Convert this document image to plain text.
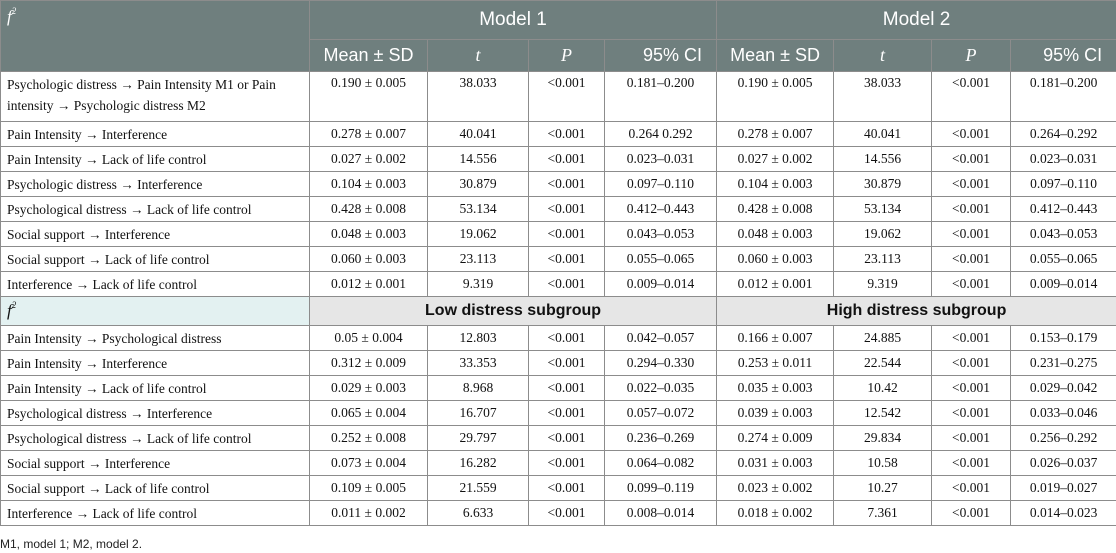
$f^2$	Model 1				Model 2			
	Mean ± SD	t	P	95% CI	Mean ± SD	t	P	95% CI
Psychologic distress → Pain Intensity M1 or Pain intensity → Psychologic distress M2	0.190 ± 0.005	38.033	<0.001	0.181–0.200	0.190 ± 0.005	38.033	<0.001	0.181–0.200
Pain Intensity → Interference	0.278 ± 0.007	40.041	<0.001	0.264 0.292	0.278 ± 0.007	40.041	<0.001	0.264–0.292
Pain Intensity → Lack of life control	0.027 ± 0.002	14.556	<0.001	0.023–0.031	0.027 ± 0.002	14.556	<0.001	0.023–0.031
Psychologic distress → Interference	0.104 ± 0.003	30.879	<0.001	0.097–0.110	0.104 ± 0.003	30.879	<0.001	0.097–0.110
Psychological distress → Lack of life control	0.428 ± 0.008	53.134	<0.001	0.412–0.443	0.428 ± 0.008	53.134	<0.001	0.412–0.443
Social support → Interference	0.048 ± 0.003	19.062	<0.001	0.043–0.053	0.048 ± 0.003	19.062	<0.001	0.043–0.053
Social support → Lack of life control	0.060 ± 0.003	23.113	<0.001	0.055–0.065	0.060 ± 0.003	23.113	<0.001	0.055–0.065
Interference → Lack of life control	0.012 ± 0.001	9.319	<0.001	0.009–0.014	0.012 ± 0.001	9.319	<0.001	0.009–0.014
$f^2$	Low distress subgroup				High distress subgroup			
Pain Intensity → Psychological distress	0.05 ± 0.004	12.803	<0.001	0.042–0.057	0.166 ± 0.007	24.885	<0.001	0.153–0.179
Pain Intensity → Interference	0.312 ± 0.009	33.353	<0.001	0.294–0.330	0.253 ± 0.011	22.544	<0.001	0.231–0.275
Pain Intensity → Lack of life control	0.029 ± 0.003	8.968	<0.001	0.022–0.035	0.035 ± 0.003	10.42	<0.001	0.029–0.042
Psychological distress → Interference	0.065 ± 0.004	16.707	<0.001	0.057–0.072	0.039 ± 0.003	12.542	<0.001	0.033–0.046
Psychological distress → Lack of life control	0.252 ± 0.008	29.797	<0.001	0.236–0.269	0.274 ± 0.009	29.834	<0.001	0.256–0.292
Social support → Interference	0.073 ± 0.004	16.282	<0.001	0.064–0.082	0.031 ± 0.003	10.58	<0.001	0.026–0.037
Social support → Lack of life control	0.109 ± 0.005	21.559	<0.001	0.099–0.119	0.023 ± 0.002	10.27	<0.001	0.019–0.027
Interference → Lack of life control	0.011 ± 0.002	6.633	<0.001	0.008–0.014	0.018 ± 0.002	7.361	<0.001	0.014–0.023
M1, model 1; M2, model 2.
